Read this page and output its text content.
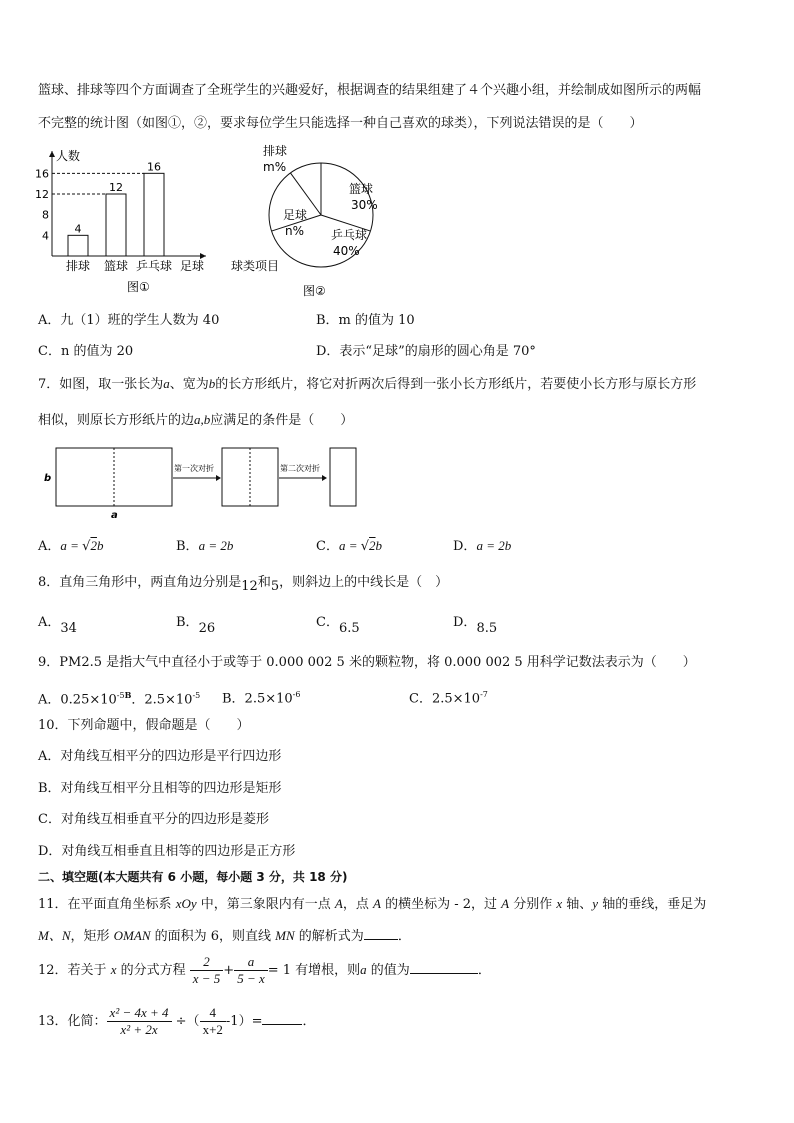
篮球、排球等四个方面调查了全班学生的兴趣爱好，根据调查的结果组建了４个兴趣小组，并绘制成如图所示的两幅
不完整的统计图（如图①，②，要求每位学生只能选择一种自己喜欢的球类），下列说法错误的是（　　）
人数
球类项目
16
12
8
4
4
排球
12
篮球
16
乒乓球 足球
图①
篮球
30%
乒乓球
40%
足球
n%
排球
m%
图②
A．九（1）班的学生人数为 40	B．m 的值为 10
C．n 的值为 20	D．表示“足球”的扇形的圆心角是 70°
7．如图，取一张长为a、宽为b的长方形纸片，将它对折两次后得到一张小长方形纸片，若要使小长方形与原长方形
相似，则原长方形纸片的边a,b应满足的条件是（　　）
b
a
第一次对折	第二次对折
A．a = √2b	B．a = 2b	C．a = √2b	D．a = 2b
8．直角三角形中，两直角边分别是12和5，则斜边上的中线长是（　）
A．34	B．26	C．6.5	D．8.5
9．PM2.5 是指大气中直径小于或等于 0.000 002 5 米的颗粒物，将 0.000 002 5 用科学记数法表示为（　　）
A．$0.25\times 10^{-5B}$．$2.5\times 10^{-5}$ B．$2.5\times 10^{-6}$	C．$2.5\times 10^{-7}$
10．下列命题中，假命题是（　　）
A．对角线互相平分的四边形是平行四边形
B．对角线互相平分且相等的四边形是矩形
C．对角线互相垂直平分的四边形是菱形
D．对角线互相垂直且相等的四边形是正方形
二、填空题(本大题共有 6 小题，每小题 3 分，共 18 分)
11．在平面直角坐标系 xOy 中，第三象限内有一点 A，点 A 的横坐标为 - 2，过 A 分别作 x 轴、y 轴的垂线，垂足为
M、N，矩形 OMAN 的面积为 6，则直线 MN 的解析式为	．
12．若关于 x 的分式方程 $\frac{2}{x - 5} + \frac{a}{5 - x} = 1$ 有增根，则a 的值为	．
13．化简： $\frac{\text{x² − 4x + 4}}{\text{x² + 2x}}$ ÷（ $\frac{4}{x+2} -1)=$	．
